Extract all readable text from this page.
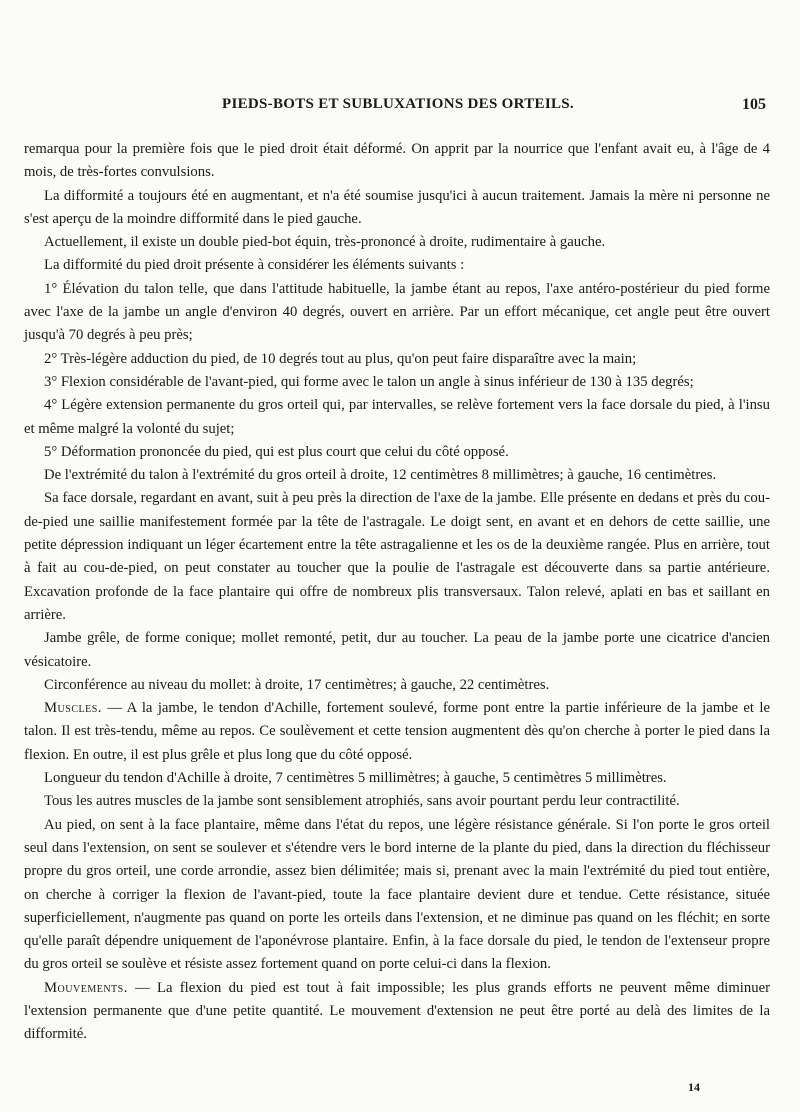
PIEDS-BOTS ET SUBLUXATIONS DES ORTEILS.	105

remarqua pour la première fois que le pied droit était déformé. On apprit par la nourrice que l'enfant avait eu, à l'âge de 4 mois, de très-fortes convulsions.

La difformité a toujours été en augmentant, et n'a été soumise jusqu'ici à aucun traitement. Jamais la mère ni personne ne s'est aperçu de la moindre difformité dans le pied gauche.

Actuellement, il existe un double pied-bot équin, très-prononcé à droite, rudimentaire à gauche.

La difformité du pied droit présente à considérer les éléments suivants :

1° Élévation du talon telle, que dans l'attitude habituelle, la jambe étant au repos, l'axe antéro-postérieur du pied forme avec l'axe de la jambe un angle d'environ 40 degrés, ouvert en arrière. Par un effort mécanique, cet angle peut être ouvert jusqu'à 70 degrés à peu près;

2° Très-légère adduction du pied, de 10 degrés tout au plus, qu'on peut faire disparaître avec la main;

3° Flexion considérable de l'avant-pied, qui forme avec le talon un angle à sinus inférieur de 130 à 135 degrés;

4° Légère extension permanente du gros orteil qui, par intervalles, se relève fortement vers la face dorsale du pied, à l'insu et même malgré la volonté du sujet;

5° Déformation prononcée du pied, qui est plus court que celui du côté opposé.

De l'extrémité du talon à l'extrémité du gros orteil à droite, 12 centimètres 8 millimètres; à gauche, 16 centimètres.

Sa face dorsale, regardant en avant, suit à peu près la direction de l'axe de la jambe. Elle présente en dedans et près du cou-de-pied une saillie manifestement formée par la tête de l'astragale. Le doigt sent, en avant et en dehors de cette saillie, une petite dépression indiquant un léger écartement entre la tête astragalienne et les os de la deuxième rangée. Plus en arrière, tout à fait au cou-de-pied, on peut constater au toucher que la poulie de l'astragale est découverte dans sa partie antérieure. Excavation profonde de la face plantaire qui offre de nombreux plis transversaux. Talon relevé, aplati en bas et saillant en arrière.

Jambe grêle, de forme conique; mollet remonté, petit, dur au toucher. La peau de la jambe porte une cicatrice d'ancien vésicatoire.

Circonférence au niveau du mollet: à droite, 17 centimètres; à gauche, 22 centimètres.

Muscles. — A la jambe, le tendon d'Achille, fortement soulevé, forme pont entre la partie inférieure de la jambe et le talon. Il est très-tendu, même au repos. Ce soulèvement et cette tension augmentent dès qu'on cherche à porter le pied dans la flexion. En outre, il est plus grêle et plus long que du côté opposé.

Longueur du tendon d'Achille à droite, 7 centimètres 5 millimètres; à gauche, 5 centimètres 5 millimètres.

Tous les autres muscles de la jambe sont sensiblement atrophiés, sans avoir pourtant perdu leur contractilité.

Au pied, on sent à la face plantaire, même dans l'état du repos, une légère résistance générale. Si l'on porte le gros orteil seul dans l'extension, on sent se soulever et s'étendre vers le bord interne de la plante du pied, dans la direction du fléchisseur propre du gros orteil, une corde arrondie, assez bien délimitée; mais si, prenant avec la main l'extrémité du pied tout entière, on cherche à corriger la flexion de l'avant-pied, toute la face plantaire devient dure et tendue. Cette résistance, située superficiellement, n'augmente pas quand on porte les orteils dans l'extension, et ne diminue pas quand on les fléchit; en sorte qu'elle paraît dépendre uniquement de l'aponévrose plantaire. Enfin, à la face dorsale du pied, le tendon de l'extenseur propre du gros orteil se soulève et résiste assez fortement quand on porte celui-ci dans la flexion.

Mouvements. — La flexion du pied est tout à fait impossible; les plus grands efforts ne peuvent même diminuer l'extension permanente que d'une petite quantité. Le mouvement d'extension ne peut être porté au delà des limites de la difformité.

14
